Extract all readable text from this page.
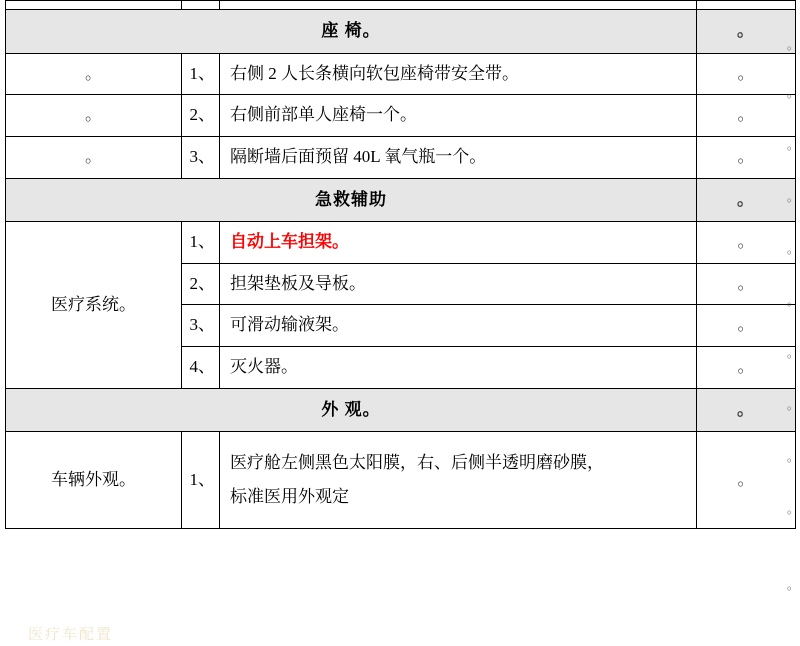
座 椅。			。

。	1、	右侧 2 人长条横向软包座椅带安全带。	。

。	2、	右侧前部单人座椅一个。	。

。	3、	隔断墙后面预留 40L 氧气瓶一个。	。

急救辅助			。

医疗系统。	1、	自动上车担架。	。

	2、	担架垫板及导板。	。

	3、	可滑动输液架。	。

	4、	灭火器。	。

外 观。			。

车辆外观。	1、	医疗舱左侧黑色太阳膜，右、后侧半透明磨砂膜，
标准医用外观定	。
。
。
。
。
。
。
。
。
。
。
。
医疗车配置
